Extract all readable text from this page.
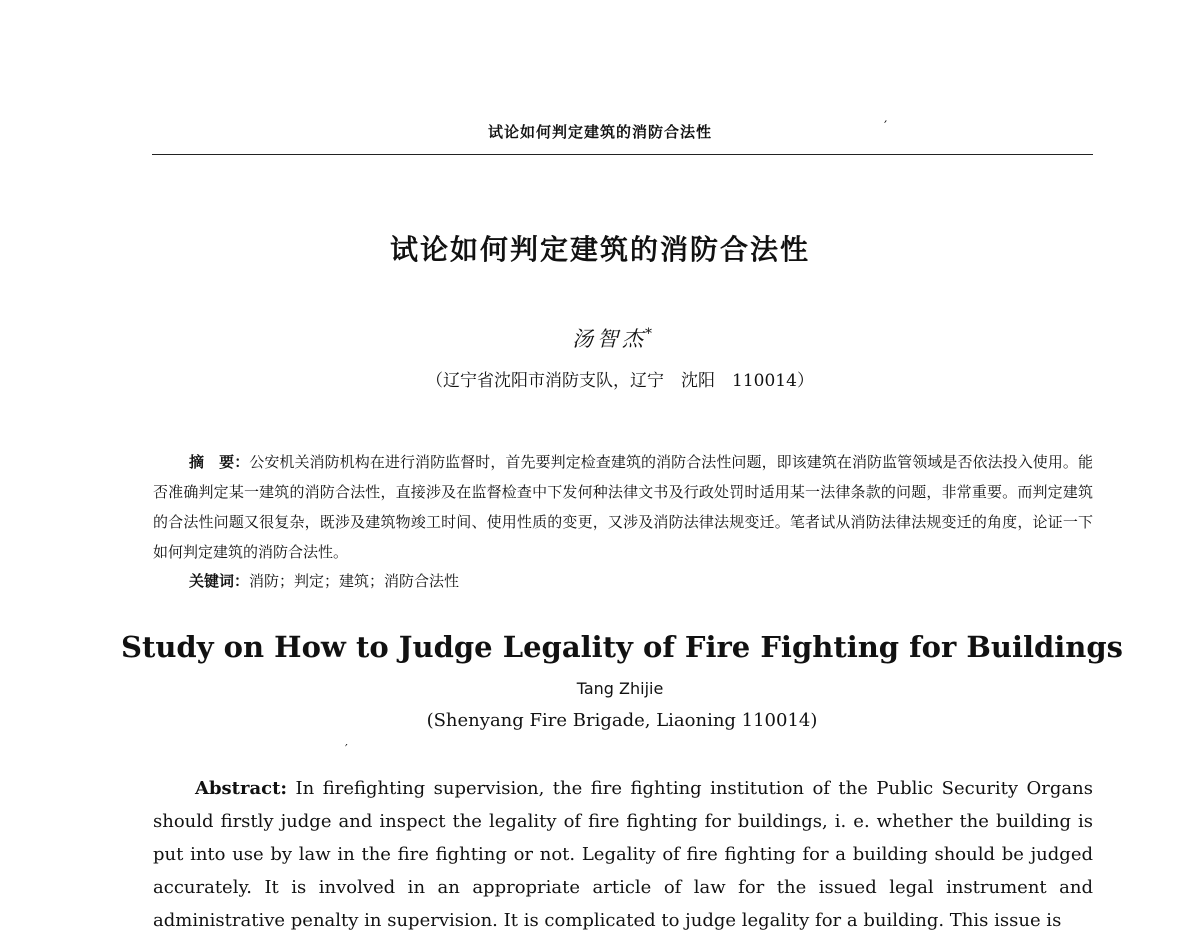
试论如何判定建筑的消防合法性	′
试论如何判定建筑的消防合法性
汤智杰*
（辽宁省沈阳市消防支队，辽宁　沈阳　110014）

摘　要：公安机关消防机构在进行消防监督时，首先要判定检查建筑的消防合法性问题，即该建筑在消防监管领域是否依法投入使用。能否准确判定某一建筑的消防合法性，直接涉及在监督检查中下发何种法律文书及行政处罚时适用某一法律条款的问题，非常重要。而判定建筑的合法性问题又很复杂，既涉及建筑物竣工时间、使用性质的变更，又涉及消防法律法规变迁。笔者试从消防法律法规变迁的角度，论证一下如何判定建筑的消防合法性。

关键词：消防；判定；建筑；消防合法性
Study on How to Judge Legality of Fire Fighting for Buildings
Tang Zhijie
(Shenyang Fire Brigade, Liaoning 110014)
′

Abstract: In firefighting supervision, the fire fighting institution of the Public Security Organs should firstly judge and inspect the legality of fire fighting for buildings, i. e. whether the building is put into use by law in the fire fighting or not. Legality of fire fighting for a building should be judged accurately. It is involved in an appropriate article of law for the issued legal instrument and administrative penalty in supervision. It is complicated to judge legality for a building. This issue is
